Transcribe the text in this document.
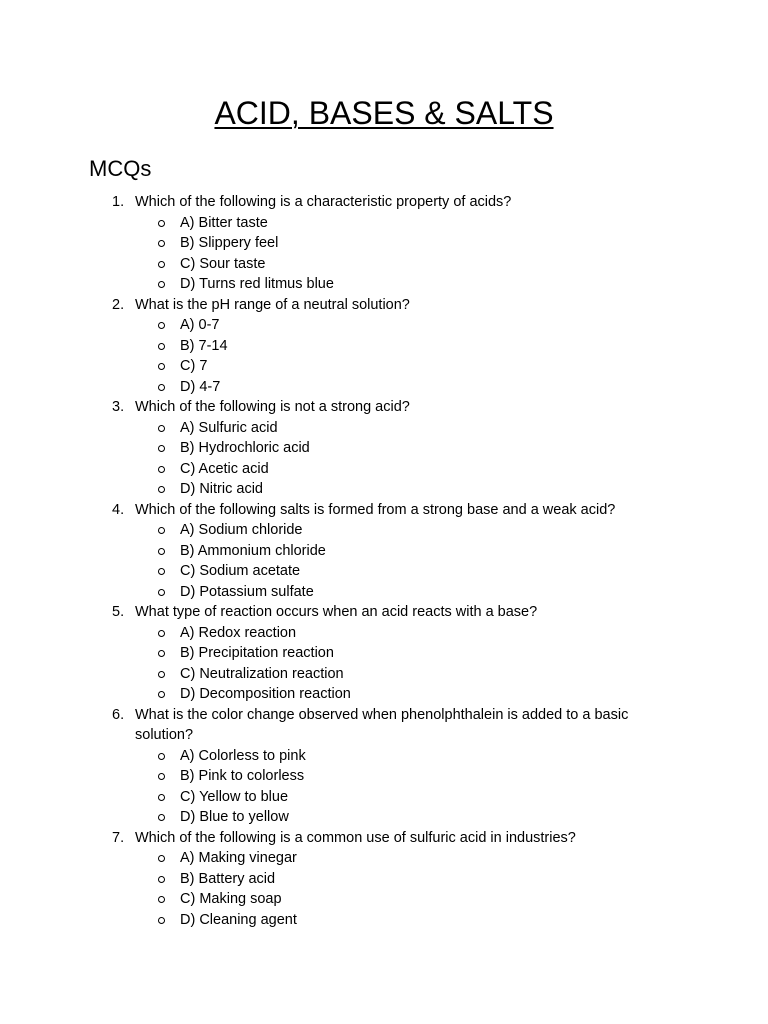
ACID, BASES & SALTS
MCQs
1. Which of the following is a characteristic property of acids?
A) Bitter taste
B) Slippery feel
C) Sour taste
D) Turns red litmus blue
2. What is the pH range of a neutral solution?
A) 0-7
B) 7-14
C) 7
D) 4-7
3. Which of the following is not a strong acid?
A) Sulfuric acid
B) Hydrochloric acid
C) Acetic acid
D) Nitric acid
4. Which of the following salts is formed from a strong base and a weak acid?
A) Sodium chloride
B) Ammonium chloride
C) Sodium acetate
D) Potassium sulfate
5. What type of reaction occurs when an acid reacts with a base?
A) Redox reaction
B) Precipitation reaction
C) Neutralization reaction
D) Decomposition reaction
6. What is the color change observed when phenolphthalein is added to a basic solution?
A) Colorless to pink
B) Pink to colorless
C) Yellow to blue
D) Blue to yellow
7. Which of the following is a common use of sulfuric acid in industries?
A) Making vinegar
B) Battery acid
C) Making soap
D) Cleaning agent
